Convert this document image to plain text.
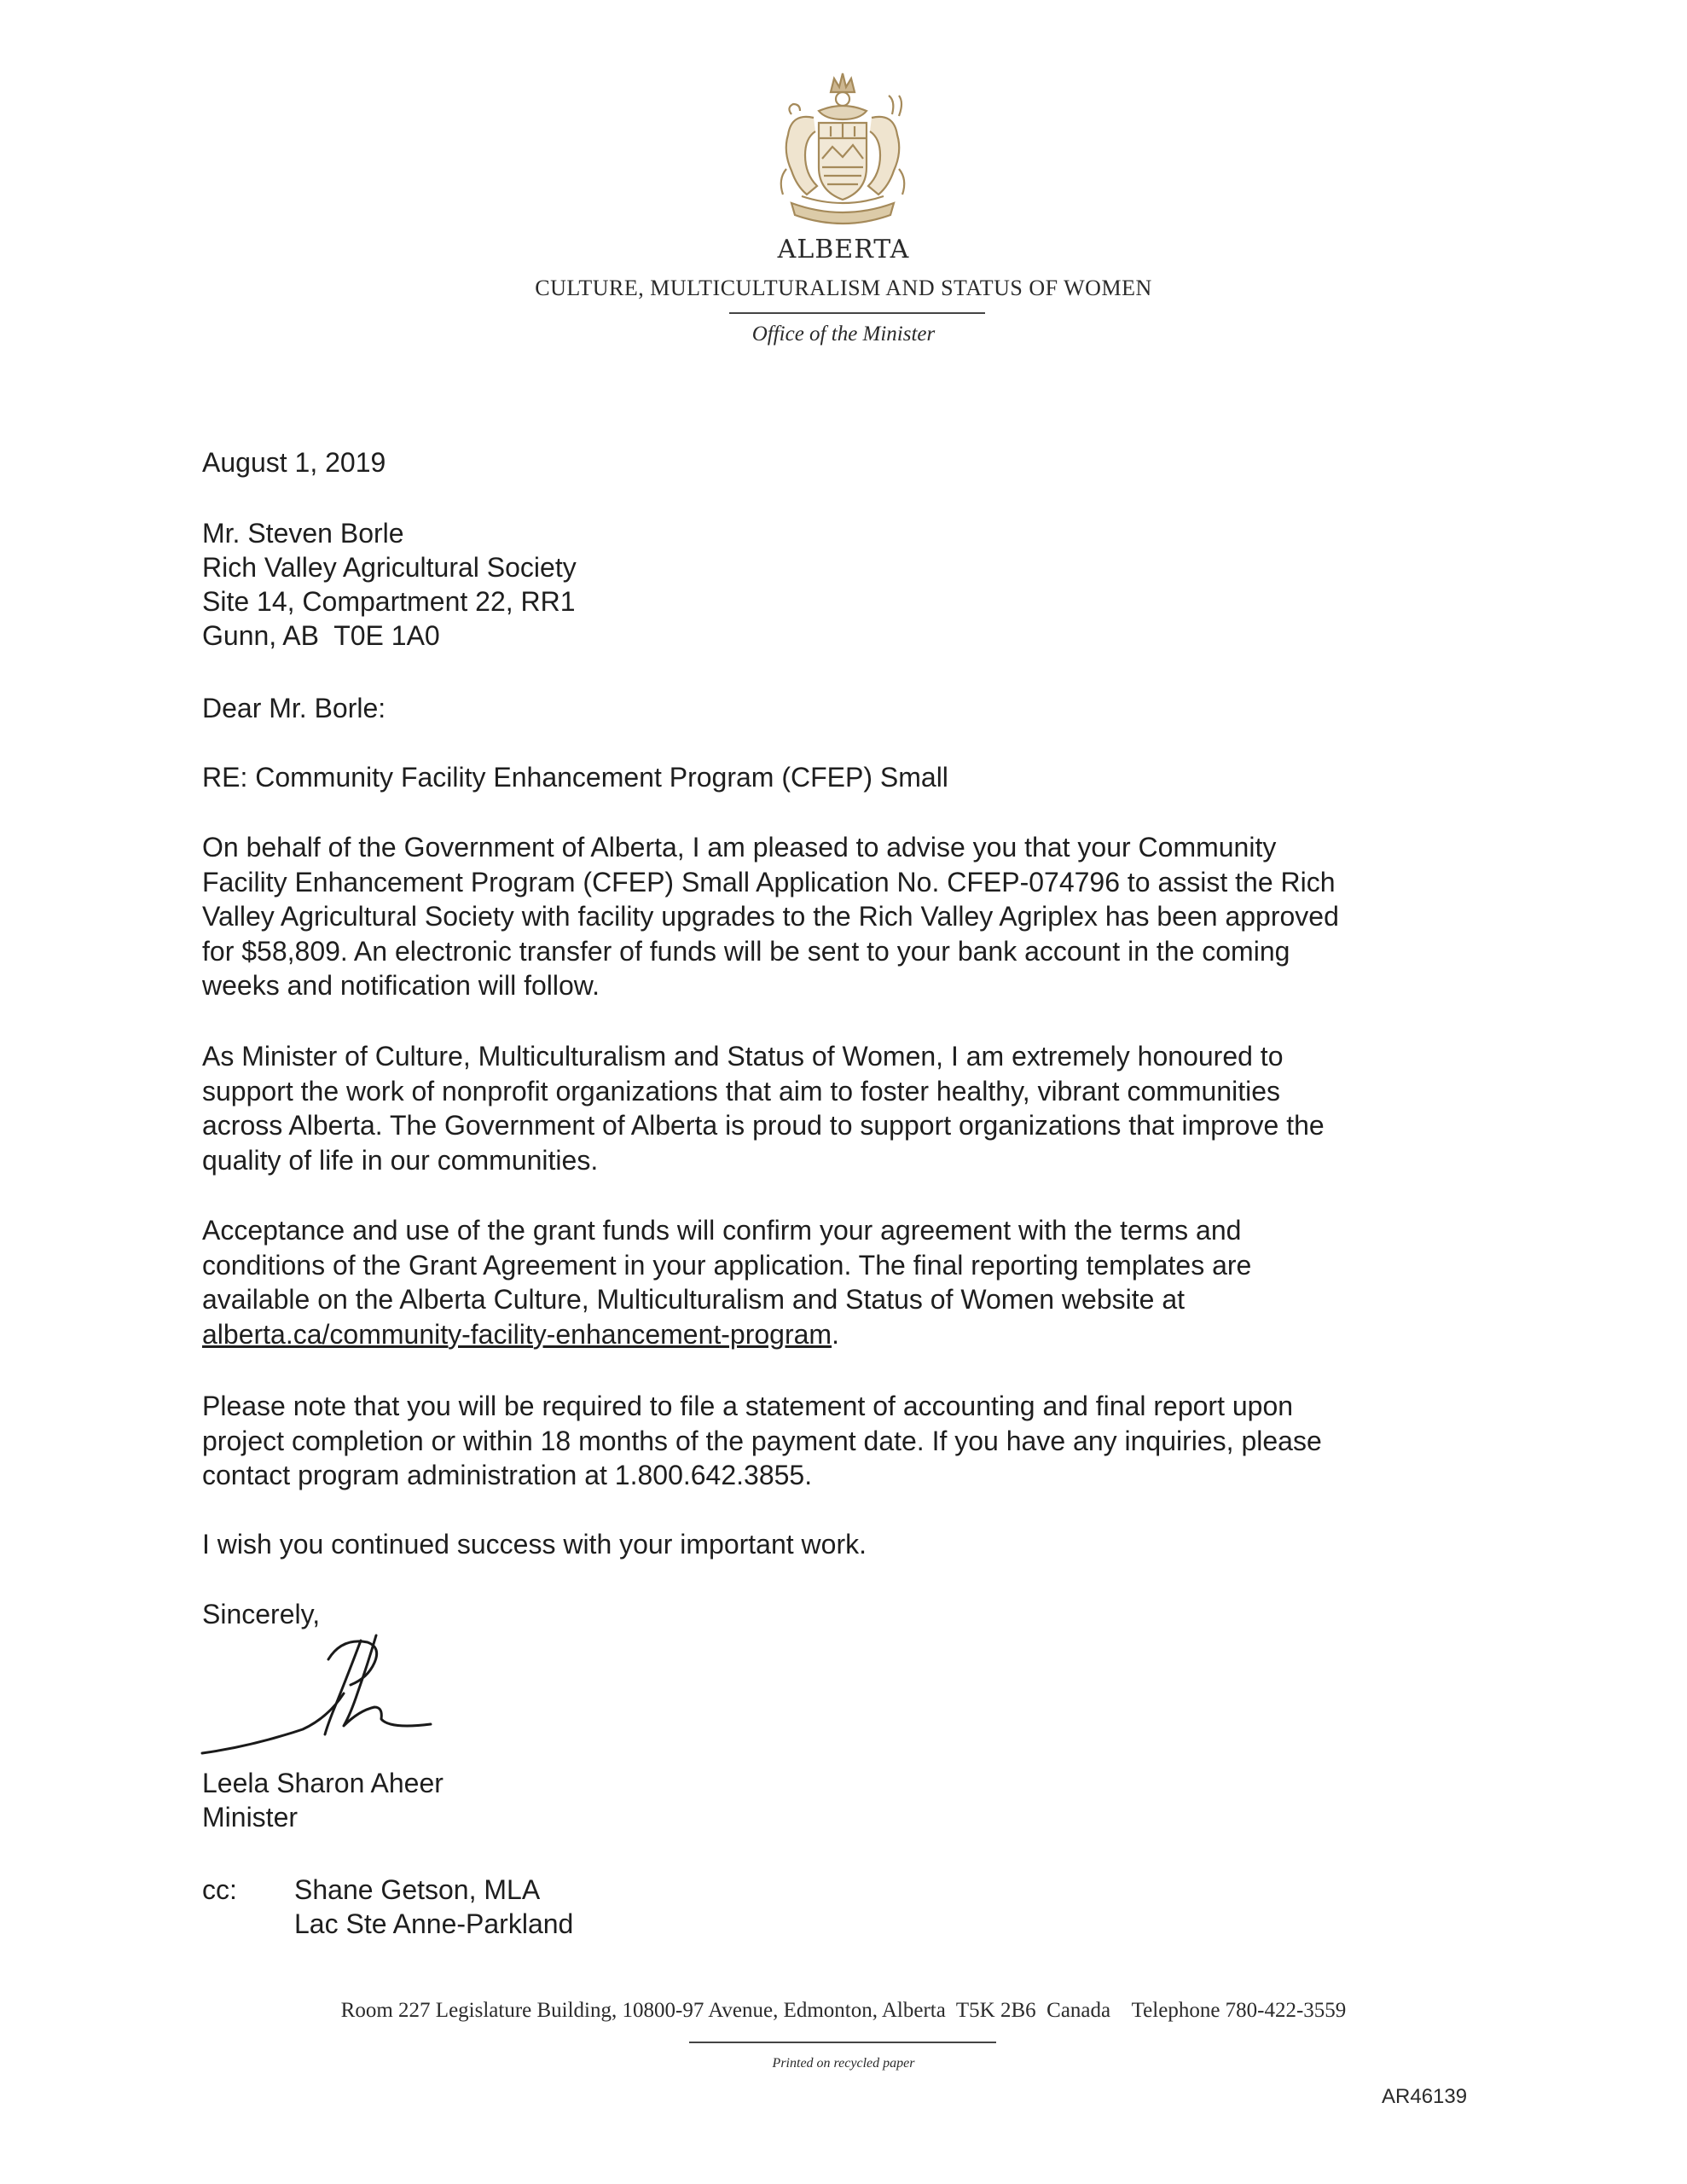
ALBERTA
CULTURE, MULTICULTURALISM AND STATUS OF WOMEN
Office of the Minister
August 1, 2019
Mr. Steven Borle
Rich Valley Agricultural Society
Site 14, Compartment 22, RR1
Gunn, AB  T0E 1A0
Dear Mr. Borle:
RE: Community Facility Enhancement Program (CFEP) Small
On behalf of the Government of Alberta, I am pleased to advise you that your Community
Facility Enhancement Program (CFEP) Small Application No. CFEP-074796 to assist the Rich
Valley Agricultural Society with facility upgrades to the Rich Valley Agriplex has been approved
for $58,809. An electronic transfer of funds will be sent to your bank account in the coming
weeks and notification will follow.
As Minister of Culture, Multiculturalism and Status of Women, I am extremely honoured to
support the work of nonprofit organizations that aim to foster healthy, vibrant communities
across Alberta. The Government of Alberta is proud to support organizations that improve the
quality of life in our communities.
Acceptance and use of the grant funds will confirm your agreement with the terms and
conditions of the Grant Agreement in your application. The final reporting templates are
available on the Alberta Culture, Multiculturalism and Status of Women website at
alberta.ca/community-facility-enhancement-program.
Please note that you will be required to file a statement of accounting and final report upon
project completion or within 18 months of the payment date. If you have any inquiries, please
contact program administration at 1.800.642.3855.
I wish you continued success with your important work.
Sincerely,
Leela Sharon Aheer
Minister
cc: Shane Getson, MLA
Lac Ste Anne-Parkland
Room 227 Legislature Building, 10800-97 Avenue, Edmonton, Alberta  T5K 2B6  Canada    Telephone 780-422-3559
Printed on recycled paper
AR46139
